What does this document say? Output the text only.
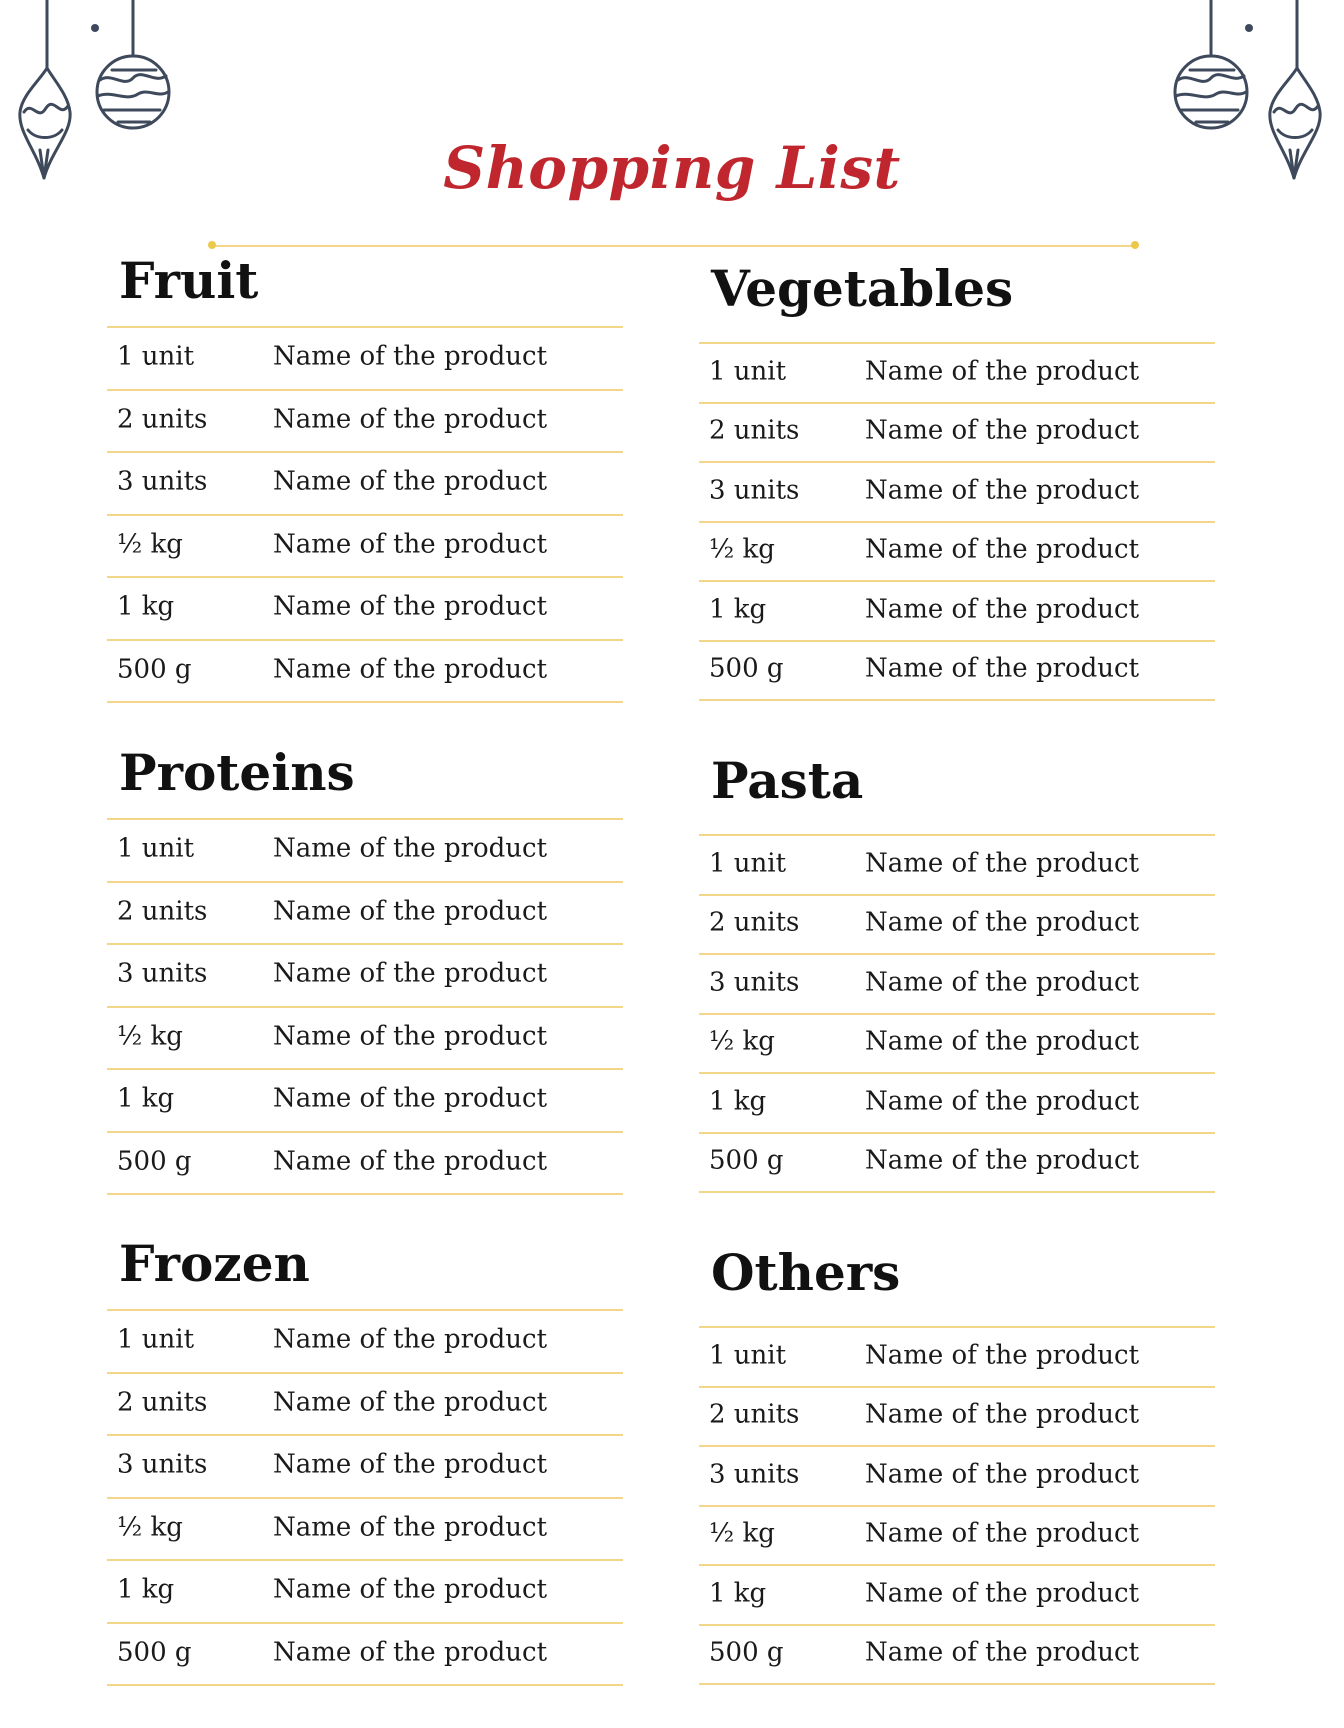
Shopping List
Fruit
1 unit	Name of the product
2 units	Name of the product
3 units	Name of the product
½ kg	Name of the product
1 kg	Name of the product
500 g	Name of the product
Vegetables
1 unit	Name of the product
2 units	Name of the product
3 units	Name of the product
½ kg	Name of the product
1 kg	Name of the product
500 g	Name of the product
Proteins
1 unit	Name of the product
2 units	Name of the product
3 units	Name of the product
½ kg	Name of the product
1 kg	Name of the product
500 g	Name of the product
Pasta
1 unit	Name of the product
2 units	Name of the product
3 units	Name of the product
½ kg	Name of the product
1 kg	Name of the product
500 g	Name of the product
Frozen
1 unit	Name of the product
2 units	Name of the product
3 units	Name of the product
½ kg	Name of the product
1 kg	Name of the product
500 g	Name of the product
Others
1 unit	Name of the product
2 units	Name of the product
3 units	Name of the product
½ kg	Name of the product
1 kg	Name of the product
500 g	Name of the product
